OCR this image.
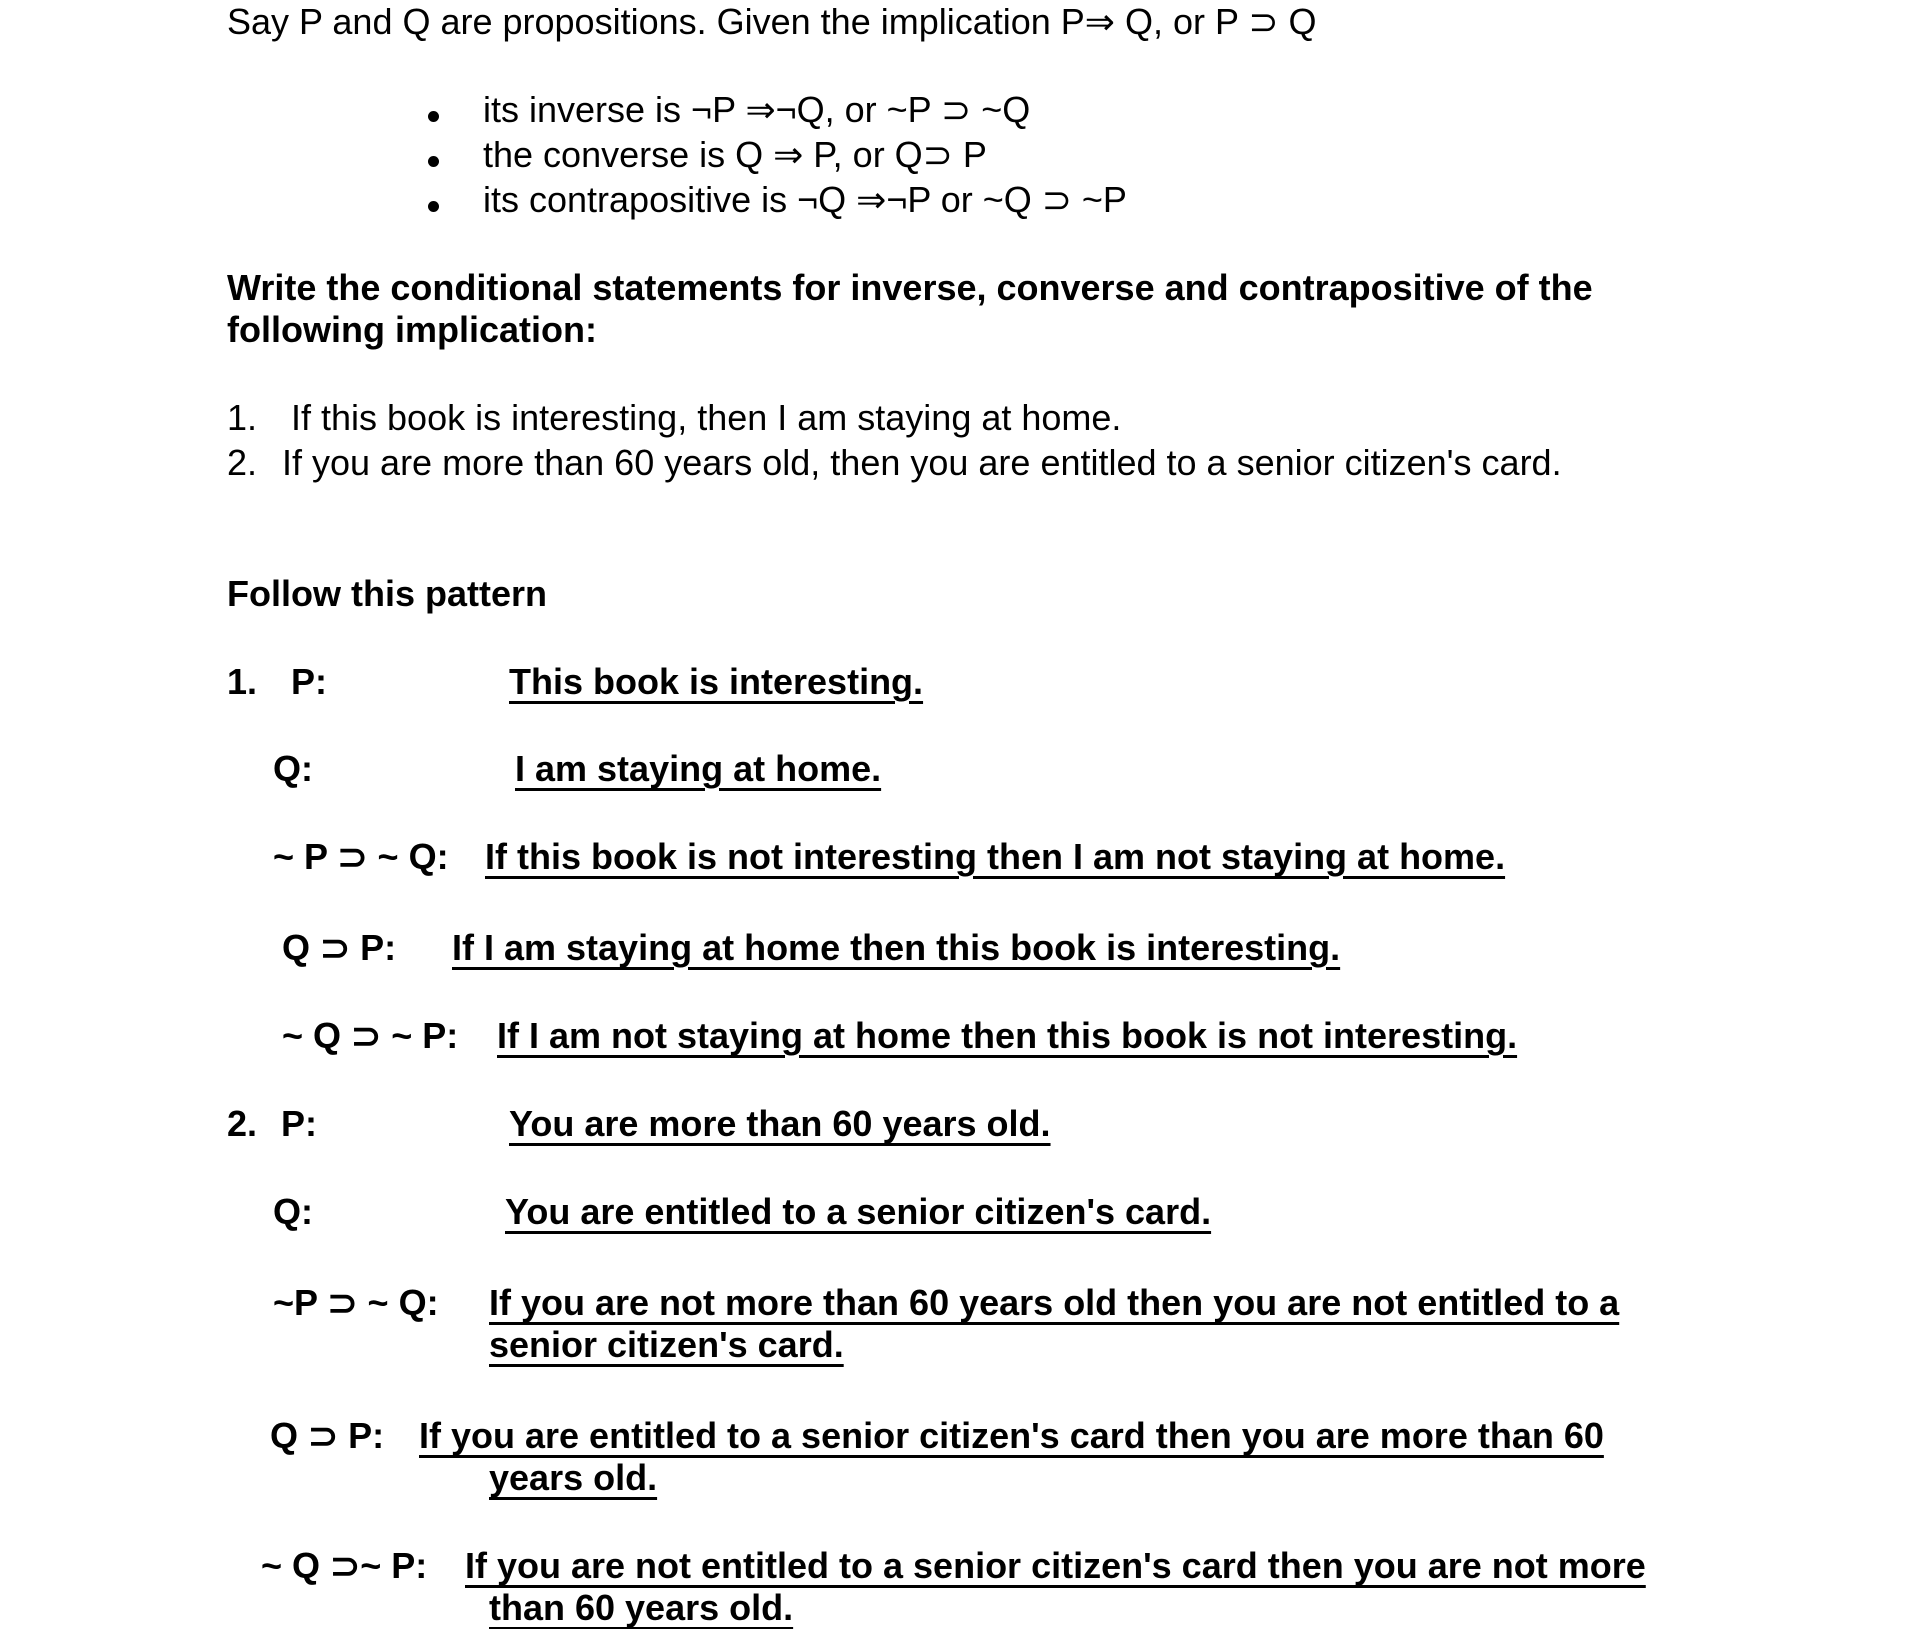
Say P and Q are propositions. Given the implication P⇒ Q, or P ⊃ Q
its inverse is ¬P ⇒¬Q, or ~P ⊃ ~Q
the converse is Q ⇒ P, or Q⊃ P
its contrapositive is ¬Q ⇒¬P or ~Q ⊃ ~P
Write the conditional statements for inverse, converse and contrapositive of the
following implication:
1. If this book is interesting, then I am staying at home.
2. If you are more than 60 years old, then you are entitled to a senior citizen's card.
Follow this pattern
1. P:	This book is interesting.
Q:	I am staying at home.
~ P ⊃ ~ Q: If this book is not interesting then I am not staying at home.
Q ⊃ P: If I am staying at home then this book is interesting.
~ Q ⊃ ~ P: If I am not staying at home then this book is not interesting.
2. P:	You are more than 60 years old.
Q:	You are entitled to a senior citizen's card.
~P ⊃ ~ Q: If you are not more than 60 years old then you are not entitled to a
senior citizen's card.
Q ⊃ P: If you are entitled to a senior citizen's card then you are more than 60
years old.
~ Q ⊃~ P: If you are not entitled to a senior citizen's card then you are not more
than 60 years old.
